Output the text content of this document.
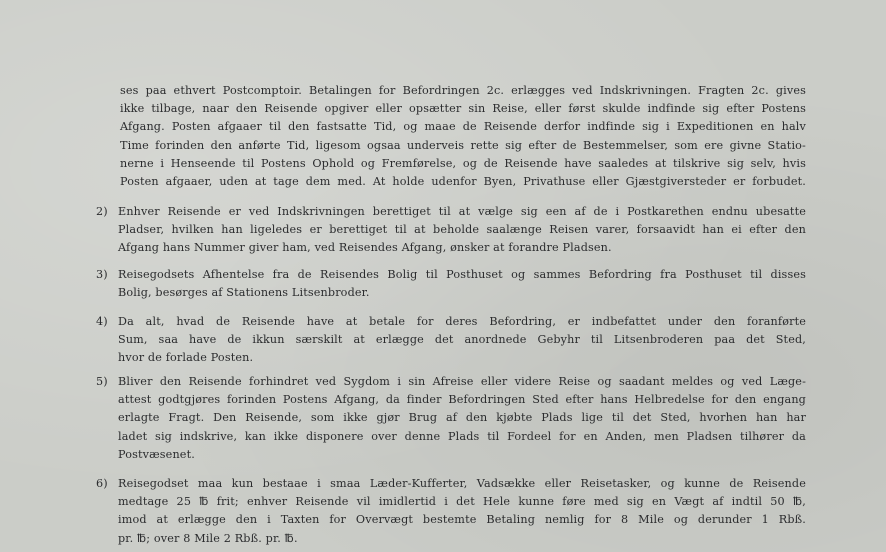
ses paa ethvert Postcomptoir. Betalingen for Befordringen 2c. erlægges ved Indskrivningen. Fragten 2c. gives
ikke tilbage, naar den Reisende opgiver eller opsætter sin Reise, eller først skulde indfinde sig efter Postens
Afgang. Posten afgaaer til den fastsatte Tid, og maae de Reisende derfor indfinde sig i Expeditionen en halv
Time forinden den anførte Tid, ligesom ogsaa underveis rette sig efter de Bestemmelser, som ere givne Statio-
nerne i Henseende til Postens Ophold og Fremførelse, og de Reisende have saaledes at tilskrive sig selv, hvis
Posten afgaaer, uden at tage dem med. At holde udenfor Byen, Privathuse eller Gjæstgiversteder er forbudet.
2) Enhver Reisende er ved Indskrivningen berettiget til at vælge sig een af de i Postkarethen endnu ubesatte
Pladser, hvilken han ligeledes er berettiget til at beholde saalænge Reisen varer, forsaavidt han ei efter den
Afgang hans Nummer giver ham, ved Reisendes Afgang, ønsker at forandre Pladsen.
3) Reisegodsets Afhentelse fra de Reisendes Bolig til Posthuset og sammes Befordring fra Posthuset til disses
Bolig, besørges af Stationens Litsenbroder.
4) Da alt, hvad de Reisende have at betale for deres Befordring, er indbefattet under den foranførte
Sum, saa have de ikkun særskilt at erlægge det anordnede Gebyhr til Litsenbroderen paa det Sted,
hvor de forlade Posten.
5) Bliver den Reisende forhindret ved Sygdom i sin Afreise eller videre Reise og saadant meldes og ved Læge-
attest godtgjøres forinden Postens Afgang, da finder Befordringen Sted efter hans Helbredelse for den engang
erlagte Fragt. Den Reisende, som ikke gjør Brug af den kjøbte Plads lige til det Sted, hvorhen han har
ladet sig indskrive, kan ikke disponere over denne Plads til Fordeel for en Anden, men Pladsen tilhører da
Postvæsenet.
6) Reisegodset maa kun bestaae i smaa Læder-Kufferter, Vadsække eller Reisetasker, og kunne de Reisende
medtage 25 ℔ frit; enhver Reisende vil imidlertid i det Hele kunne føre med sig en Vægt af indtil 50 ℔,
imod at erlægge den i Taxten for Overvægt bestemte Betaling nemlig for 8 Mile og derunder 1 Rbß.
pr. ℔; over 8 Mile 2 Rbß. pr. ℔.
